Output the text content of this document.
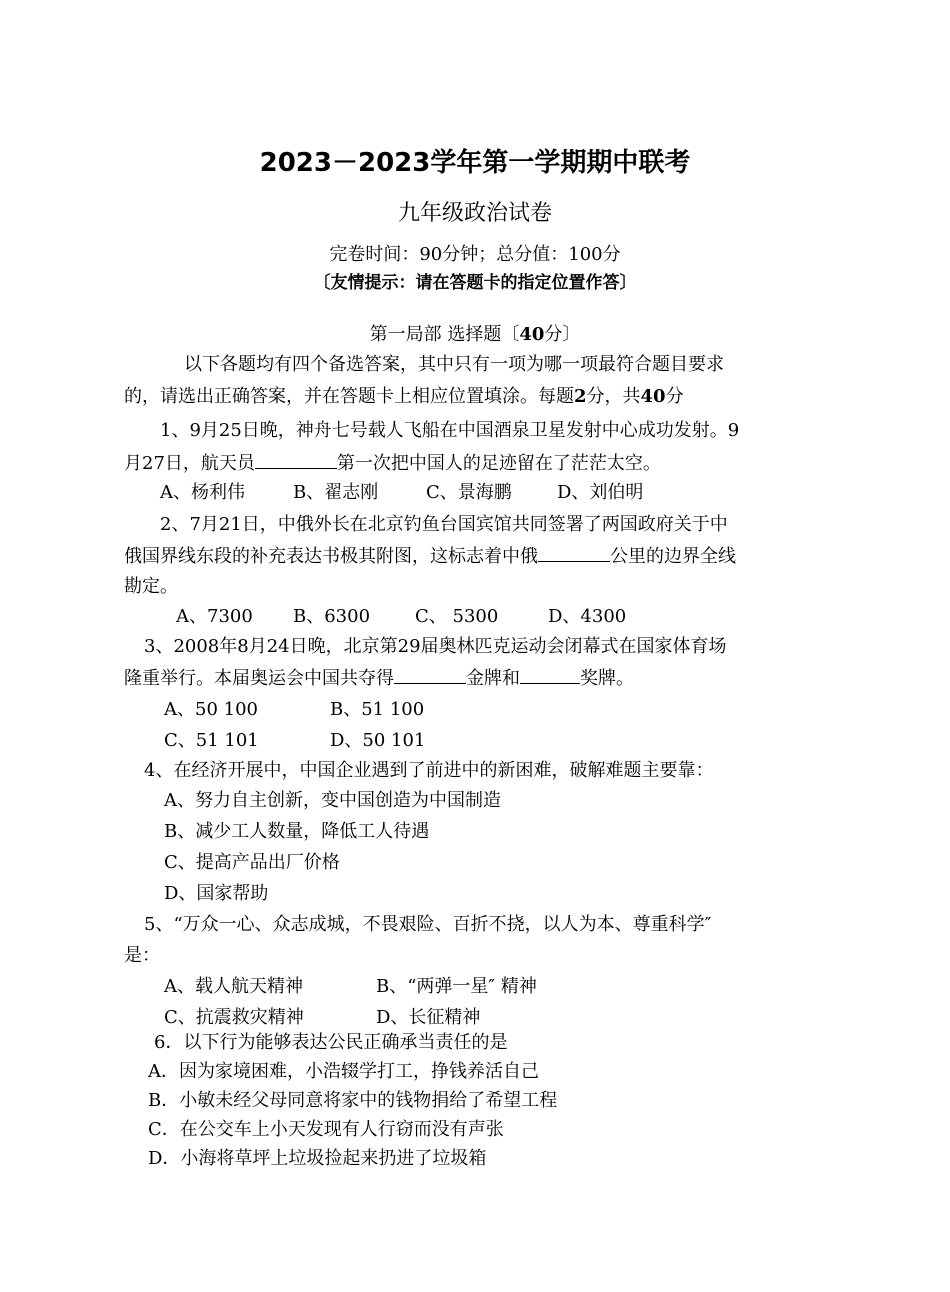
2023－2023学年第一学期期中联考
九年级政治试卷
完卷时间：90分钟；总分值：100分
〔友情提示：请在答题卡的指定位置作答〕
第一局部 选择题〔40分〕
以下各题均有四个备选答案，其中只有一项为哪一项最符合题目要求
的，请选出正确答案，并在答题卡上相应位置填涂。每题2分，共40分
1、9月25日晚，神舟七号载人飞船在中国酒泉卫星发射中心成功发射。9
月27日，航天员	第一次把中国人的足迹留在了茫茫太空。
A、杨利伟	B、翟志刚	C、景海鹏	D、刘伯明
2、7月21日，中俄外长在北京钓鱼台国宾馆共同签署了两国政府关于中
俄国界线东段的补充表达书极其附图，这标志着中俄	公里的边界全线
勘定。
A、7300 B、6300 C、 5300	D、4300
3、2008年8月24日晚，北京第29届奥林匹克运动会闭幕式在国家体育场
隆重举行。本届奥运会中国共夺得	金牌和	奖牌。
A、50 100	B、51 100
C、51 101	D、50 101
4、在经济开展中，中国企业遇到了前进中的新困难，破解难题主要靠：
A、努力自主创新，变中国创造为中国制造
B、减少工人数量，降低工人待遇
C、提高产品出厂价格
D、国家帮助
5、“万众一心、众志成城，不畏艰险、百折不挠，以人为本、尊重科学″
是：
A、载人航天精神	B、“两弹一星″ 精神
C、抗震救灾精神	D、长征精神
6．以下行为能够表达公民正确承当责任的是
A．因为家境困难，小浩辍学打工，挣钱养活自己
B．小敏未经父母同意将家中的钱物捐给了希望工程
C．在公交车上小天发现有人行窃而没有声张
D．小海将草坪上垃圾捡起来扔进了垃圾箱
